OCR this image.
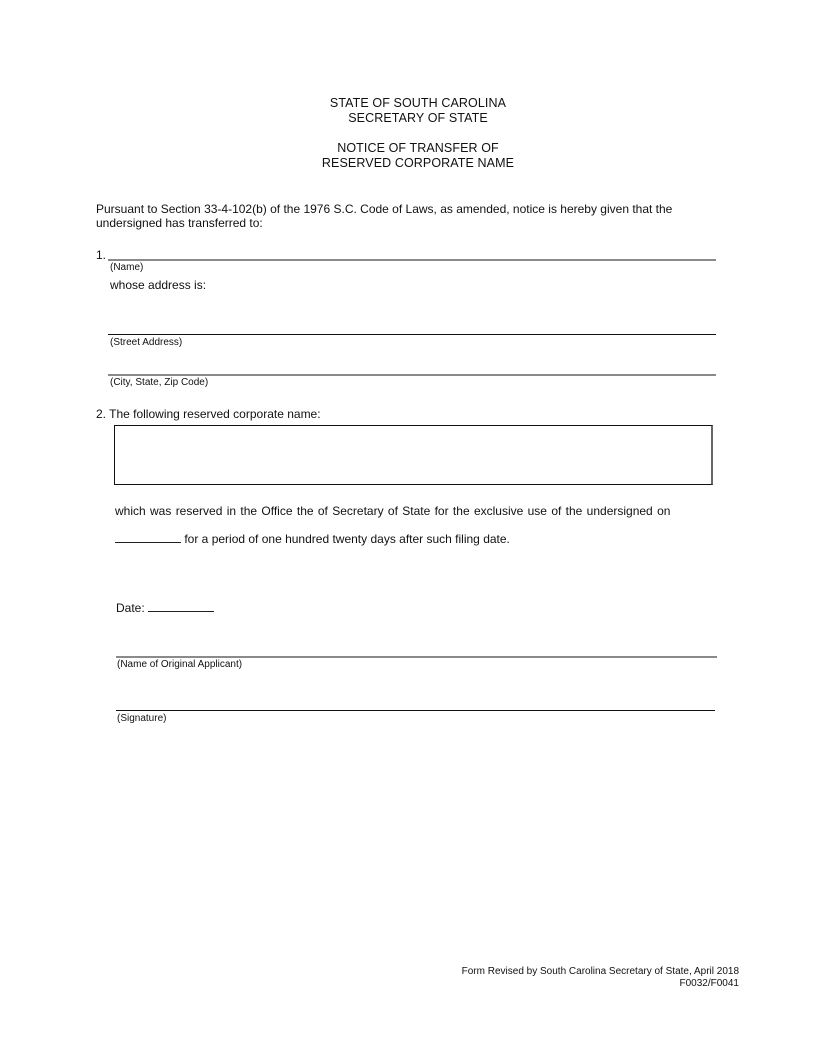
STATE OF SOUTH CAROLINA
SECRETARY OF STATE
NOTICE OF TRANSFER OF
RESERVED CORPORATE NAME
Pursuant to Section 33-4-102(b) of the 1976 S.C. Code of Laws, as amended, notice is hereby given that the
undersigned has transferred to:
1.
(Name)
whose address is:
(Street Address)
(City, State, Zip Code)
2. The following reserved corporate name:
which was reserved in the Office the of Secretary of State for the exclusive use of the undersigned on
for a period of one hundred twenty days after such filing date.
Date:
(Name of Original Applicant)
(Signature)
Form Revised by South Carolina Secretary of State, April 2018
F0032/F0041
